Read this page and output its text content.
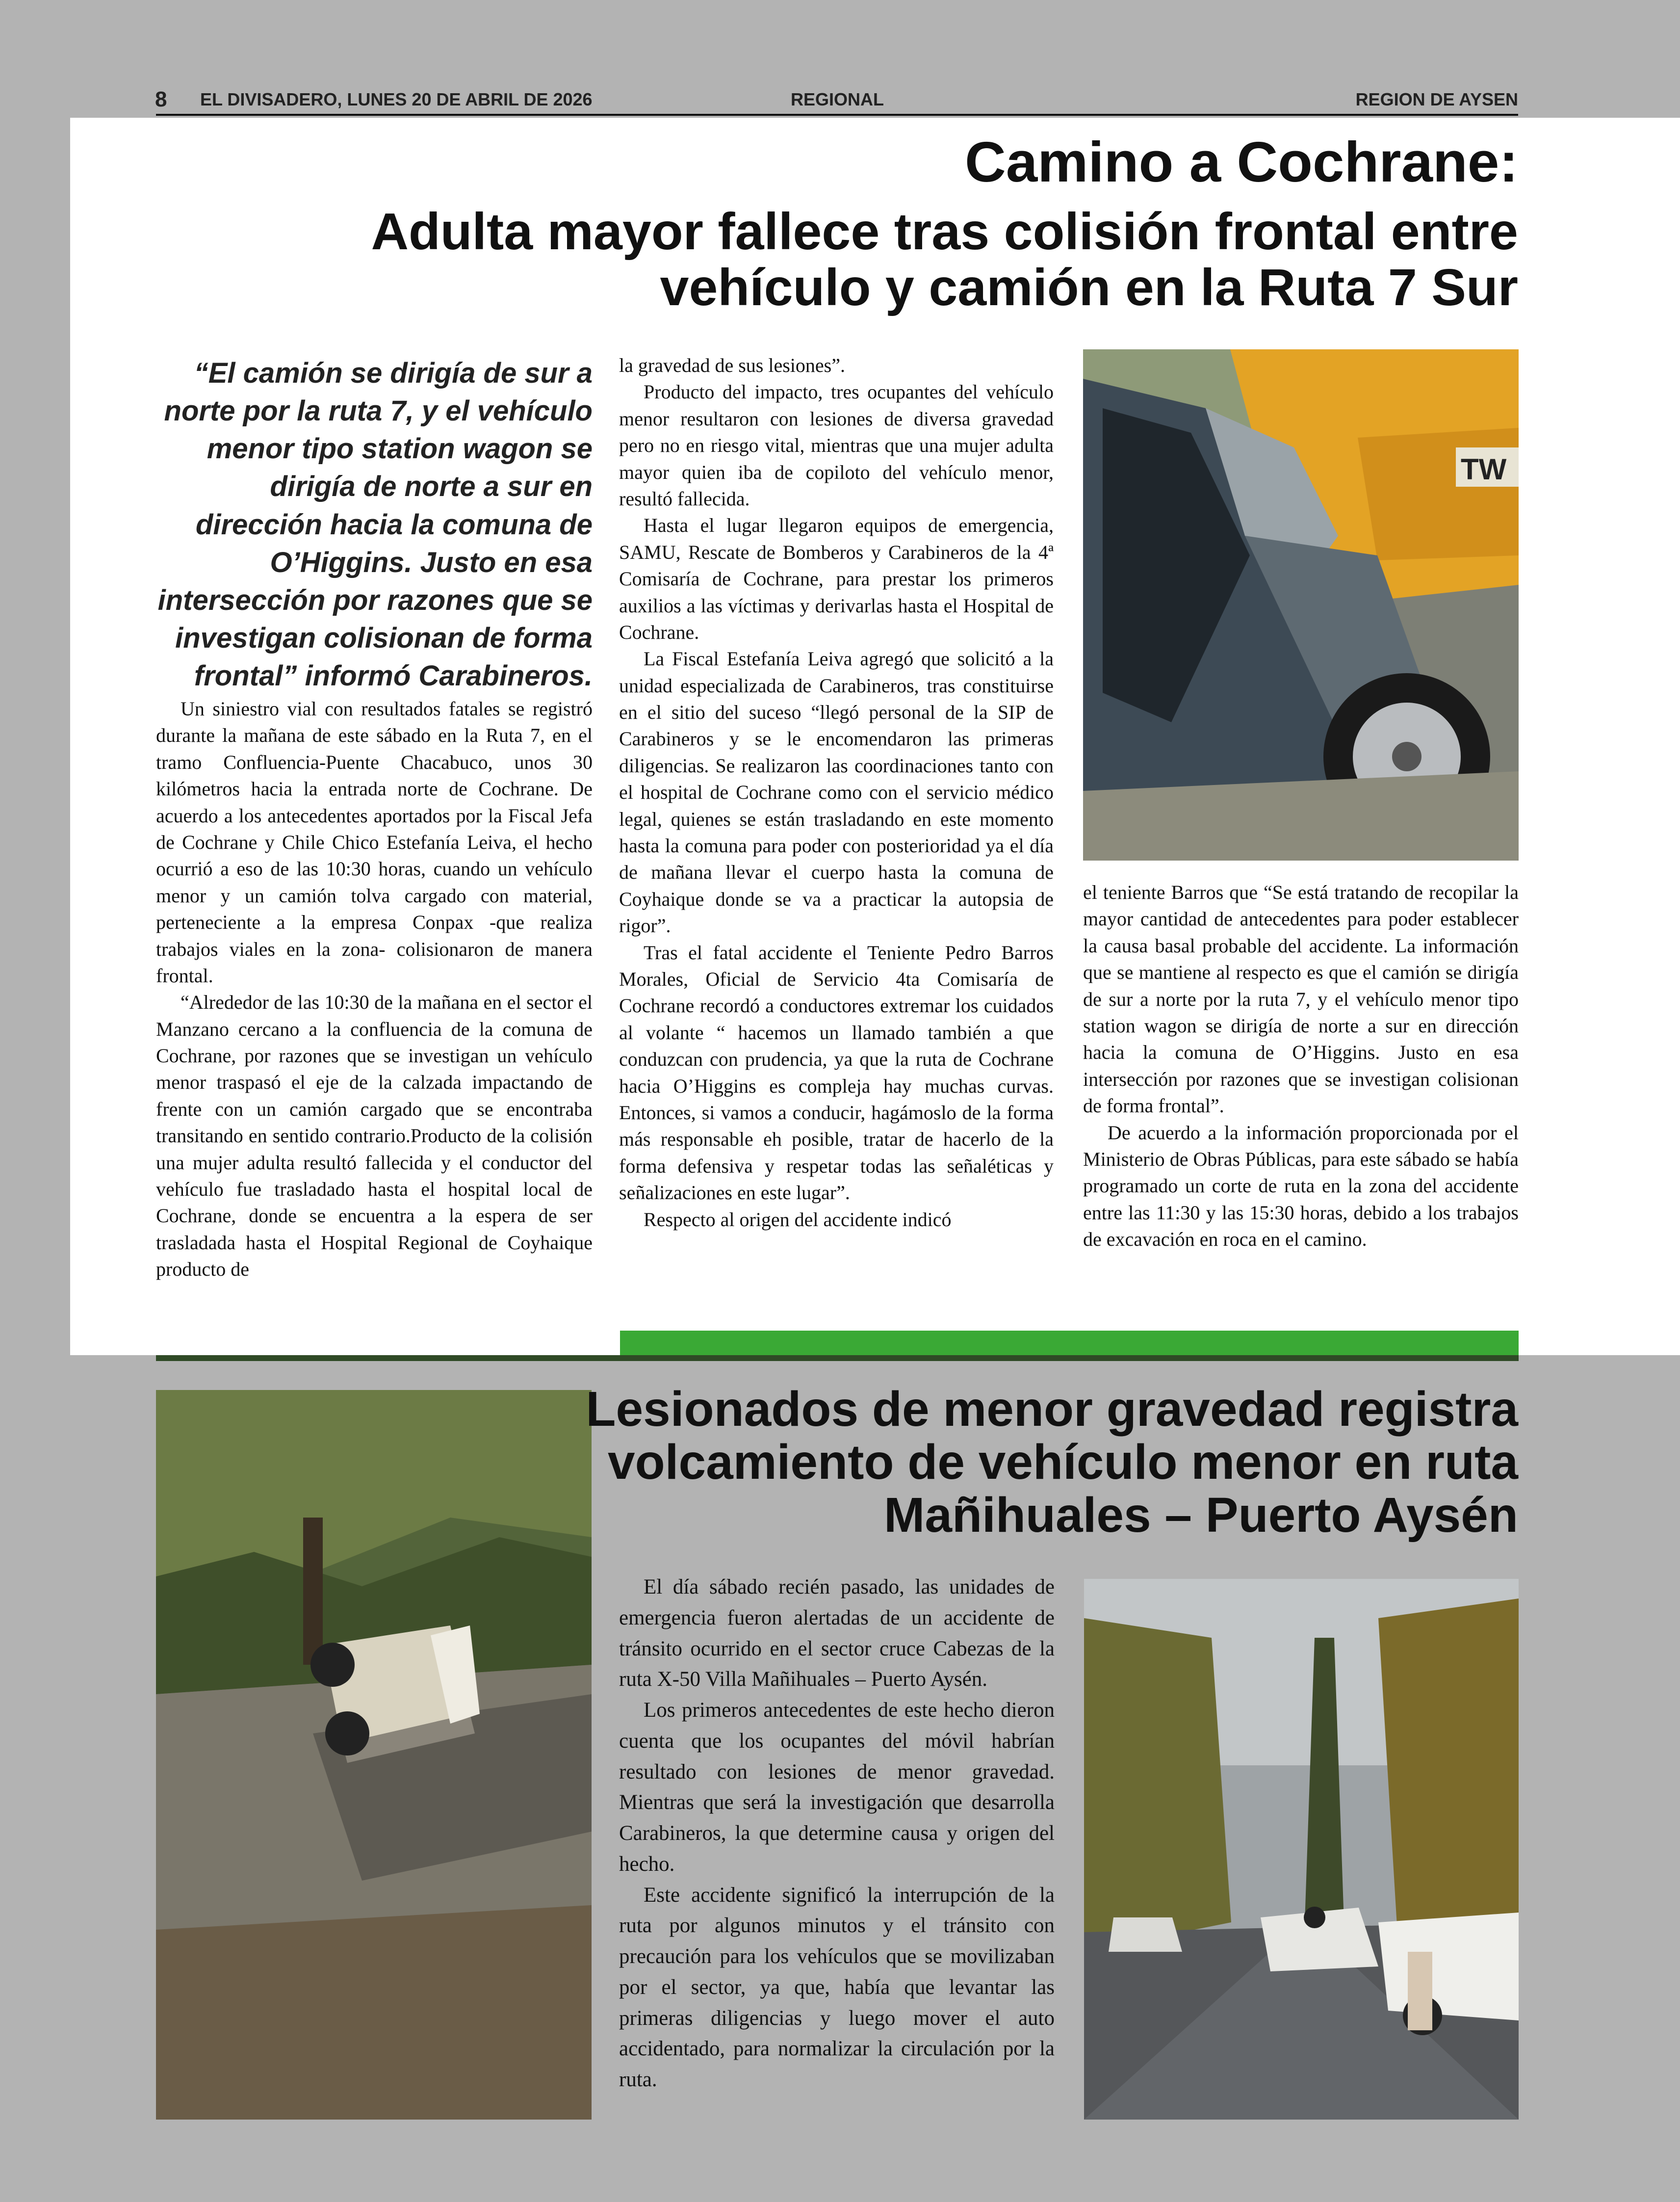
8 EL DIVISADERO, LUNES 20 DE ABRIL DE 2026	REGIONAL	REGION DE AYSEN
Camino a Cochrane:
Adulta mayor fallece tras colisión frontal entre
vehículo y camión en la Ruta 7 Sur
“El camión se dirigía de sur a norte por la ruta 7, y el vehículo menor tipo station wagon se dirigía de norte a sur en dirección hacia la comuna de O’Higgins. Justo en esa intersección por razones que se investigan colisionan de forma frontal” informó Carabineros.

Un siniestro vial con resultados fatales se registró durante la mañana de este sábado en la Ruta 7, en el tramo Confluencia-Puente Chacabuco, unos 30 kilómetros hacia la entrada norte de Cochrane. De acuerdo a los antecedentes aportados por la Fiscal Jefa de Cochrane y Chile Chico Estefanía Leiva, el hecho ocurrió a eso de las 10:30 horas, cuando un vehículo menor y un camión tolva cargado con material, perteneciente a la empresa Conpax -que realiza trabajos viales en la zona- colisionaron de manera frontal.

“Alrededor de las 10:30 de la mañana en el sector el Manzano cercano a la confluencia de la comuna de Cochrane, por razones que se investigan un vehículo menor traspasó el eje de la calzada impactando de frente con un camión cargado que se encontraba transitando en sentido contrario.Producto de la colisión una mujer adulta resultó fallecida y el conductor del vehículo fue trasladado hasta el hospital local de Cochrane, donde se encuentra a la espera de ser trasladada hasta el Hospital Regional de Coyhaique producto de

la gravedad de sus lesiones”.

Producto del impacto, tres ocupantes del vehículo menor resultaron con lesiones de diversa gravedad pero no en riesgo vital, mientras que una mujer adulta mayor quien iba de copiloto del vehículo menor, resultó fallecida.

Hasta el lugar llegaron equipos de emergencia, SAMU, Rescate de Bomberos y Carabineros de la 4ª Comisaría de Cochrane, para prestar los primeros auxilios a las víctimas y derivarlas hasta el Hospital de Cochrane.

La Fiscal Estefanía Leiva agregó que solicitó a la unidad especializada de Carabineros, tras constituirse en el sitio del suceso “llegó personal de la SIP de Carabineros y se le encomendaron las primeras diligencias. Se realizaron las coordinaciones tanto con el hospital de Cochrane como con el servicio médico legal, quienes se están trasladando en este momento hasta la comuna para poder con posterioridad ya el día de mañana llevar el cuerpo hasta la comuna de Coyhaique donde se va a practicar la autopsia de rigor”.

Tras el fatal accidente el Teniente Pedro Barros Morales, Oficial de Servicio 4ta Comisaría de Cochrane recordó a conductores extremar los cuidados al volante “ hacemos un llamado también a que conduzcan con prudencia, ya que la ruta de Cochrane hacia O’Higgins es compleja hay muchas curvas. Entonces, si vamos a conducir, hagámoslo de la forma más responsable eh posible, tratar de hacerlo de la forma defensiva y respetar todas las señaléticas y señalizaciones en este lugar”.

Respecto al origen del accidente indicó

TW

el teniente Barros que “Se está tratando de recopilar la mayor cantidad de antecedentes para poder establecer la causa basal probable del accidente. La información que se mantiene al respecto es que el camión se dirigía de sur a norte por la ruta 7, y el vehículo menor tipo station wagon se dirigía de norte a sur en dirección hacia la comuna de O’Higgins. Justo en esa intersección por razones que se investigan colisionan de forma frontal”.

De acuerdo a la información proporcionada por el Ministerio de Obras Públicas, para este sábado se había programado un corte de ruta en la zona del accidente entre las 11:30 y las 15:30 horas, debido a los trabajos de excavación en roca en el camino.

Lesionados de menor gravedad registra
volcamiento de vehículo menor en ruta
Mañihuales – Puerto Aysén

El día sábado recién pasado, las unidades de emergencia fueron alertadas de un accidente de tránsito ocurrido en el sector cruce Cabezas de la ruta X-50 Villa Mañihuales – Puerto Aysén.

Los primeros antecedentes de este hecho dieron cuenta que los ocupantes del móvil habrían resultado con lesiones de menor gravedad. Mientras que será la investigación que desarrolla Carabineros, la que determine causa y origen del hecho.

Este accidente significó la interrupción de la ruta por algunos minutos y el tránsito con precaución para los vehículos que se movilizaban por el sector, ya que, había que levantar las primeras diligencias y luego mover el auto accidentado, para normalizar la circulación por la ruta.
